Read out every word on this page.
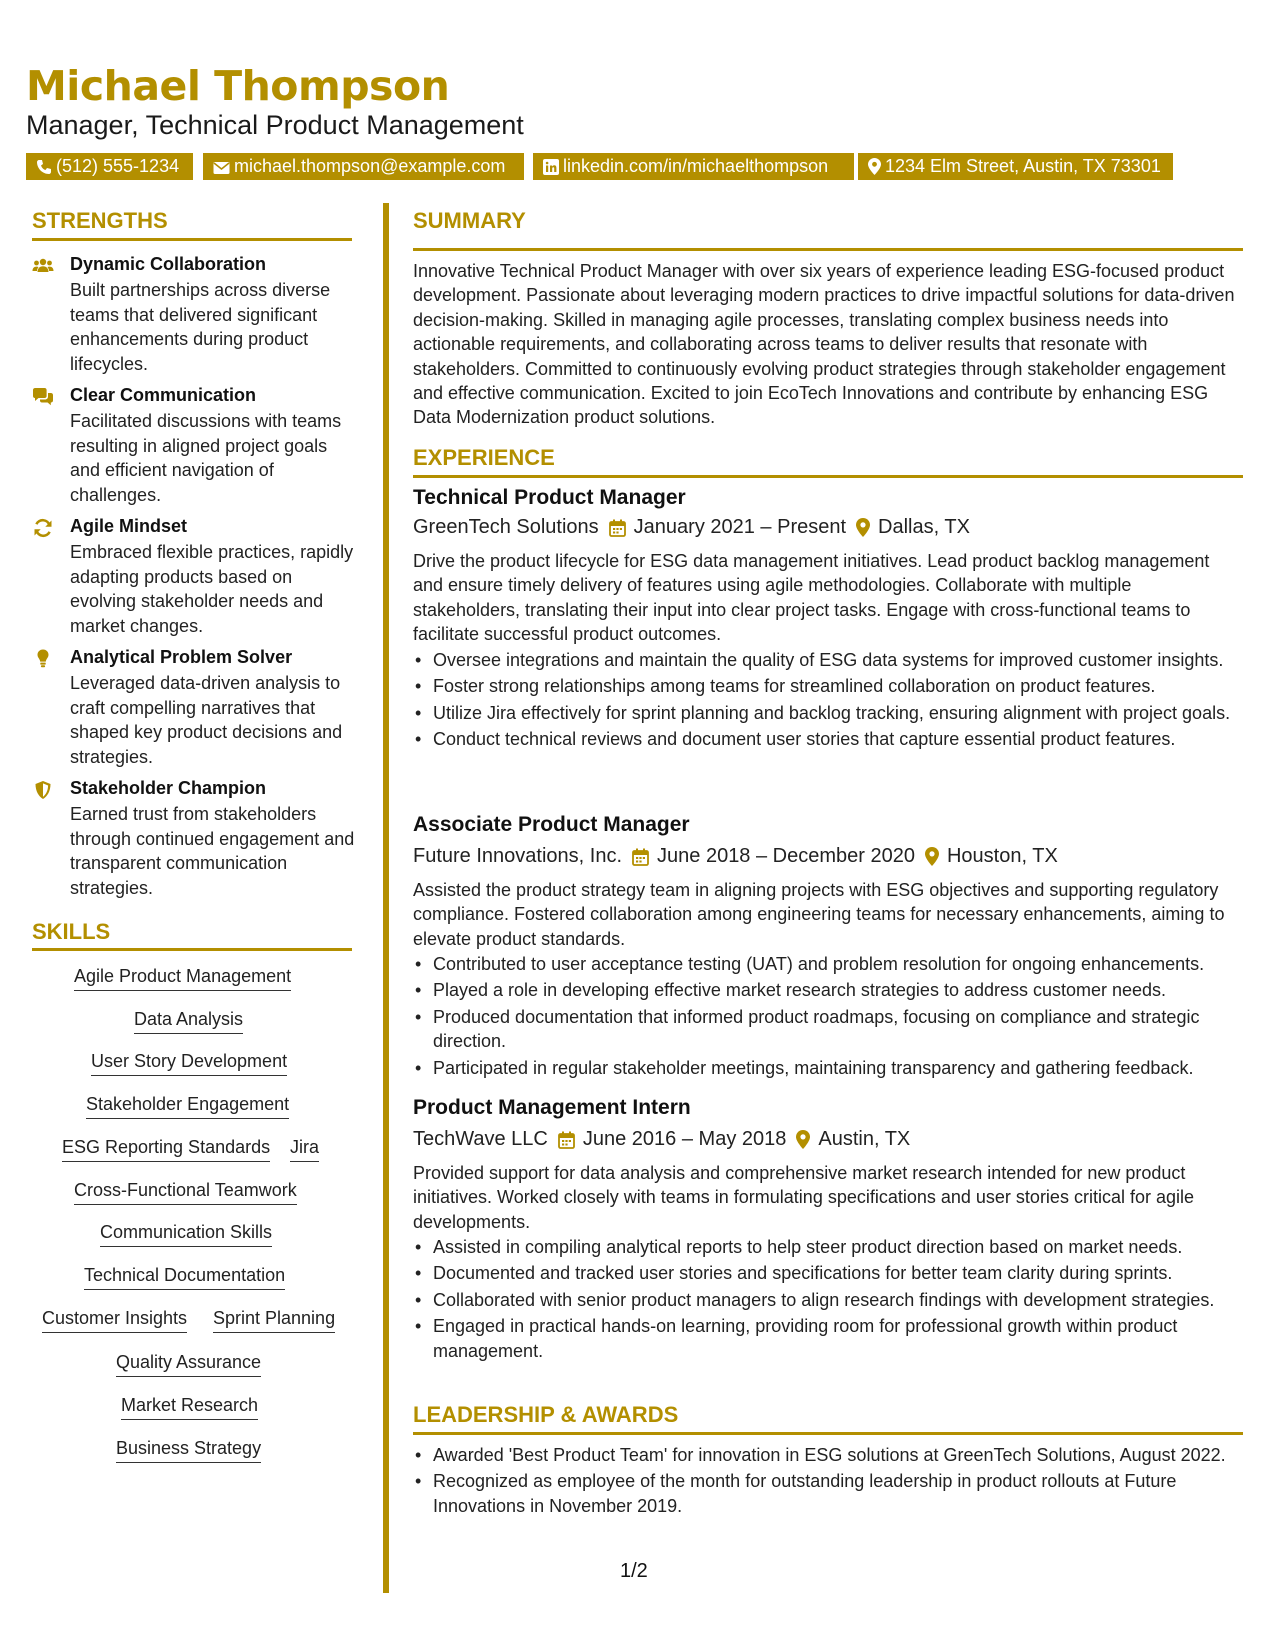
Michael Thompson
Manager, Technical Product Management
(512) 555-1234	michael.thompson@example.com	linkedin.com/in/michaelthompson	1234 Elm Street, Austin, TX 73301
STRENGTHS
Dynamic Collaboration
Built partnerships across diverse teams that delivered significant enhancements during product lifecycles.
Clear Communication
Facilitated discussions with teams resulting in aligned project goals and efficient navigation of challenges.
Agile Mindset
Embraced flexible practices, rapidly adapting products based on evolving stakeholder needs and market changes.
Analytical Problem Solver
Leveraged data-driven analysis to craft compelling narratives that shaped key product decisions and strategies.
Stakeholder Champion
Earned trust from stakeholders through continued engagement and transparent communication strategies.
SKILLS
Agile Product Management
Data Analysis
User Story Development
Stakeholder Engagement
ESG Reporting Standards Jira
Cross-Functional Teamwork
Communication Skills
Technical Documentation
Customer Insights Sprint Planning
Quality Assurance
Market Research
Business Strategy
SUMMARY
Innovative Technical Product Manager with over six years of experience leading ESG-focused product development. Passionate about leveraging modern practices to drive impactful solutions for data-driven decision-making. Skilled in managing agile processes, translating complex business needs into actionable requirements, and collaborating across teams to deliver results that resonate with stakeholders. Committed to continuously evolving product strategies through stakeholder engagement and effective communication. Excited to join EcoTech Innovations and contribute by enhancing ESG Data Modernization product solutions.
EXPERIENCE
Technical Product Manager
GreenTech Solutions January 2021 – Present Dallas, TX
Drive the product lifecycle for ESG data management initiatives. Lead product backlog management and ensure timely delivery of features using agile methodologies. Collaborate with multiple stakeholders, translating their input into clear project tasks. Engage with cross-functional teams to facilitate successful product outcomes.
• Oversee integrations and maintain the quality of ESG data systems for improved customer insights.
• Foster strong relationships among teams for streamlined collaboration on product features.
• Utilize Jira effectively for sprint planning and backlog tracking, ensuring alignment with project goals.
• Conduct technical reviews and document user stories that capture essential product features.
Associate Product Manager
Future Innovations, Inc. June 2018 – December 2020 Houston, TX
Assisted the product strategy team in aligning projects with ESG objectives and supporting regulatory compliance. Fostered collaboration among engineering teams for necessary enhancements, aiming to elevate product standards.
• Contributed to user acceptance testing (UAT) and problem resolution for ongoing enhancements.
• Played a role in developing effective market research strategies to address customer needs.
• Produced documentation that informed product roadmaps, focusing on compliance and strategic direction.
• Participated in regular stakeholder meetings, maintaining transparency and gathering feedback.
Product Management Intern
TechWave LLC June 2016 – May 2018 Austin, TX
Provided support for data analysis and comprehensive market research intended for new product initiatives. Worked closely with teams in formulating specifications and user stories critical for agile developments.
• Assisted in compiling analytical reports to help steer product direction based on market needs.
• Documented and tracked user stories and specifications for better team clarity during sprints.
• Collaborated with senior product managers to align research findings with development strategies.
• Engaged in practical hands-on learning, providing room for professional growth within product management.
LEADERSHIP & AWARDS
• Awarded 'Best Product Team' for innovation in ESG solutions at GreenTech Solutions, August 2022.
• Recognized as employee of the month for outstanding leadership in product rollouts at Future Innovations in November 2019.
1/2
